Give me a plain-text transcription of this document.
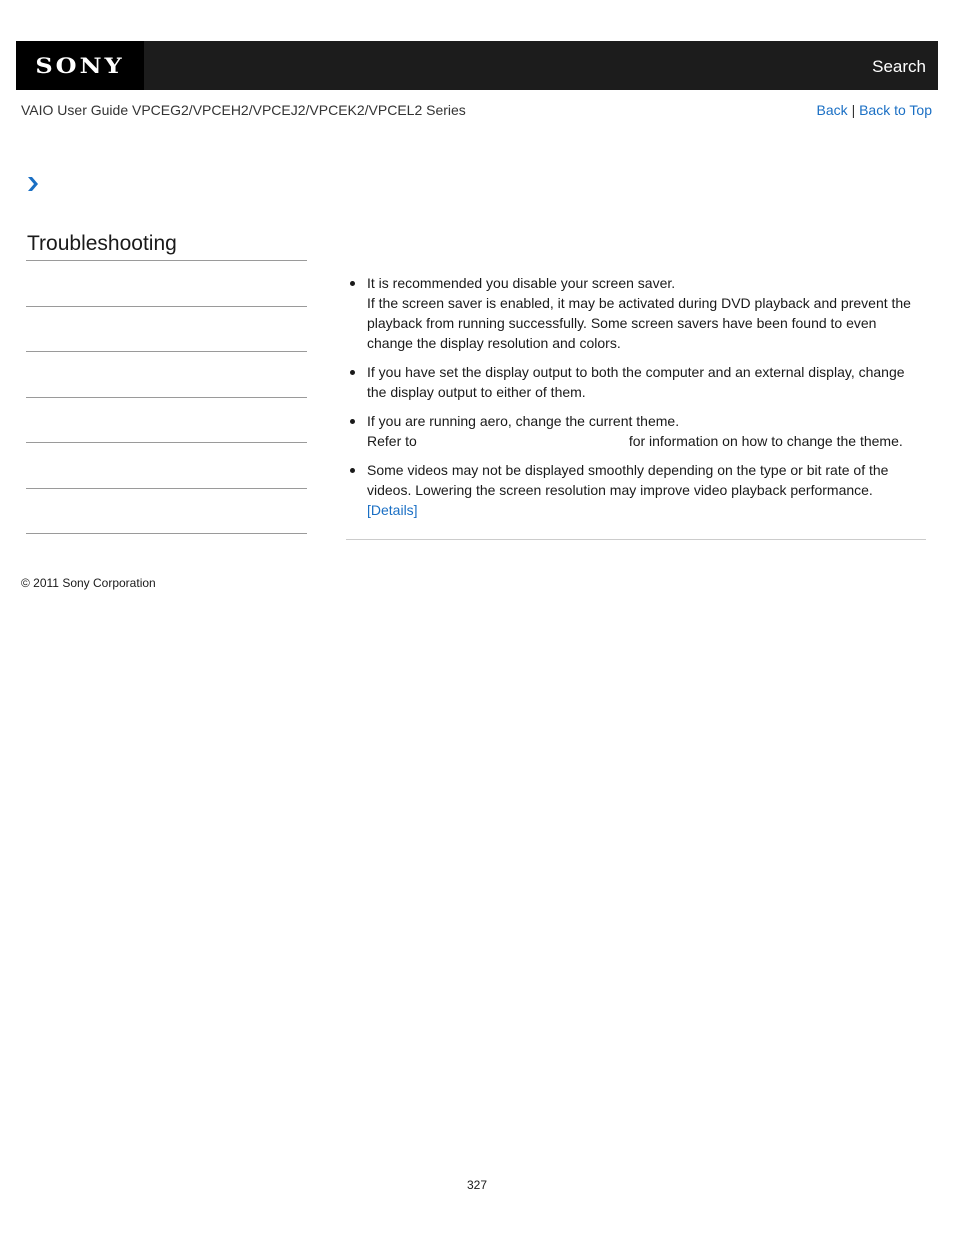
SONY	Search
VAIO User Guide VPCEG2/VPCEH2/VPCEJ2/VPCEK2/VPCEL2 Series	Back | Back to Top
Troubleshooting

It is recommended you disable your screen saver.

If the screen saver is enabled, it may be activated during DVD playback and prevent the playback from running successfully. Some screen savers have been found to even change the display resolution and colors.

If you have set the display output to both the computer and an external display, change the display output to either of them.

If you are running aero, change the current theme.

Refer to	for information on how to change the theme.

Some videos may not be displayed smoothly depending on the type or bit rate of the videos. Lowering the screen resolution may improve video playback performance.

[Details]

© 2011 Sony Corporation
327
